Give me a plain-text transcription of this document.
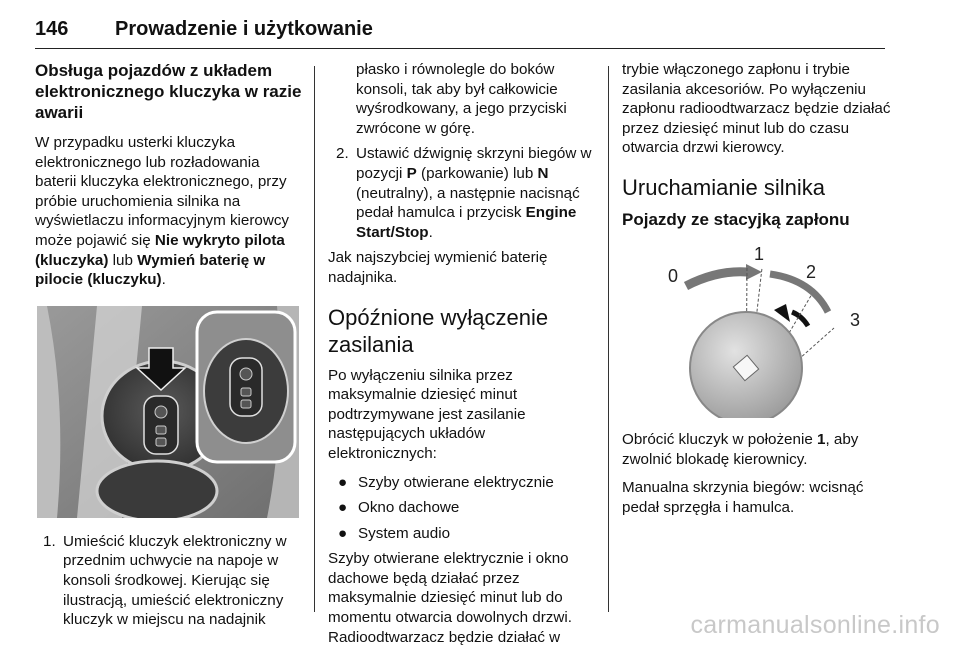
146 Prowadzenie i użytkowanie
Obsługa pojazdów z układem elektronicznego kluczyka w razie awarii

W przypadku usterki kluczyka elektronicznego lub rozładowania baterii kluczyka elektronicznego, przy próbie uruchomienia silnika na wyświetlaczu informacyjnym kierowcy może pojawić się Nie wykryto pilota (kluczyka) lub Wymień baterię w pilocie (kluczyku).

1. Umieścić kluczyk elektroniczny w przednim uchwycie na napoje w konsoli środkowej. Kierując się ilustracją, umieścić elektroniczny kluczyk w miejscu na nadajnik
płasko i równolegle do boków konsoli, tak aby był całkowicie wyśrodkowany, a jego przyciski zwrócone w górę.
2. Ustawić dźwignię skrzyni biegów w pozycji P (parkowanie) lub N (neutralny), a następnie nacisnąć pedał hamulca i przycisk Engine Start/Stop.

Jak najszybciej wymienić baterię nadajnika.

Opóźnione wyłączenie zasilania

Po wyłączeniu silnika przez maksymalnie dziesięć minut podtrzymywane jest zasilanie następujących układów elektronicznych:

● Szyby otwierane elektrycznie
● Okno dachowe
● System audio

Szyby otwierane elektrycznie i okno dachowe będą działać przez maksymalnie dziesięć minut lub do momentu otwarcia dowolnych drzwi. Radioodtwarzacz będzie działać w

trybie włączonego zapłonu i trybie zasilania akcesoriów. Po wyłączeniu zapłonu radioodtwarzacz będzie działać przez dziesięć minut lub do czasu otwarcia drzwi kierowcy.

Uruchamianie silnika
Pojazdy ze stacyjką zapłonu
0
1
2
3

Obrócić kluczyk w położenie 1, aby zwolnić blokadę kierownicy.

Manualna skrzynia biegów: wcisnąć pedał sprzęgła i hamulca.

carmanualsonline.info
